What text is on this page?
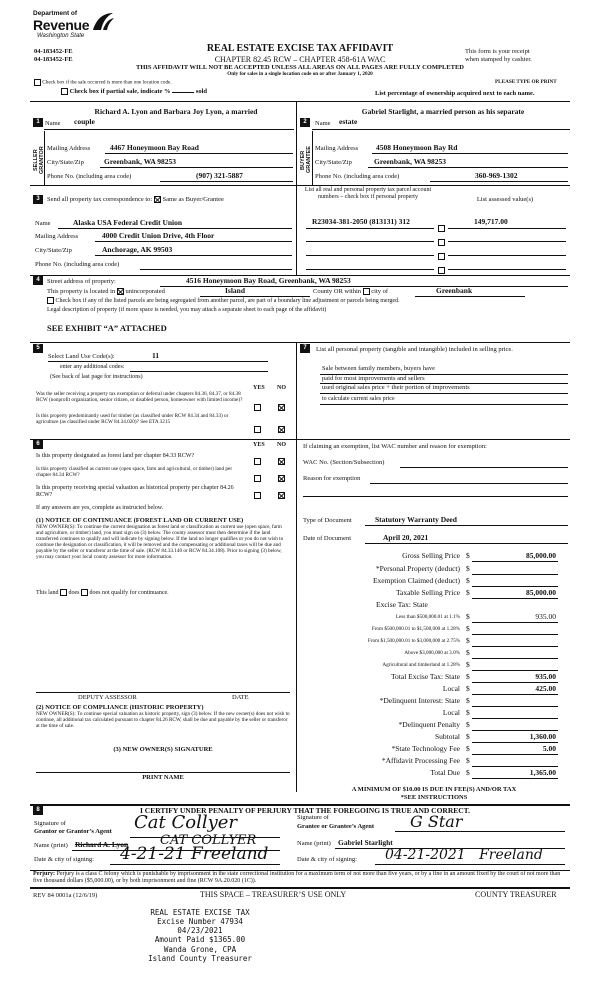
Department of
Revenue
Washington State
04-183452-FE
04-183452-FE
REAL ESTATE EXCISE TAX AFFIDAVIT
CHAPTER 82.45 RCW – CHAPTER 458-61A WAC
THIS AFFIDAVIT WILL NOT BE ACCEPTED UNLESS ALL AREAS ON ALL PAGES ARE FULLY COMPLETED
Only for sales in a single location code on or after January 1, 2020
This form is your receipt
when stamped by cashier.
Check box if the sale occurred is more than one location code.	PLEASE TYPE OR PRINT
Check box if partial sale, indicate %	sold	List percentage of ownership acquired next to each name.
Richard A. Lyon and Barbara Joy Lyon, a married
1 Name couple
SELLER GRANTOR Mailing Address	4467 Honeymoon Bay Road
City/State/Zip	Greenbank, WA 98253
Phone No. (including area code)	(907) 321-5887
Gabriel Starlight, a married person as his separate
2	Name estate
BUYER GRANTEE Mailing Address 4508 Honeymoon Bay Rd
City/State/Zip	Greenbank, WA 98253
Phone No. (including area code)	360-969-1302
3	Send all property tax correspondence to: Same as Buyer/Grantee
List all real and personal property tax parcel account numbers – check box if personal property	List assessed value(s)
Name	Alaska USA Federal Credit Union
Mailing Address	4000 Credit Union Drive, 4th Floor
City/State/Zip	Anchorage, AK 99503
Phone No. (including area code)
R23034-381-2050 (813131) 312	149,717.00
4	Street address of property:	4516 Honeymoon Bay Road, Greenbank, WA 98253
This property is located in unincorporated	Island	County OR within city of	Greenbank
Check box if any of the listed parcels are being segregated from another parcel, are part of a boundary line adjustment or parcels being merged.
Legal description of property (if more space is needed, you may attach a separate sheet to each page of the affidavit)
SEE EXHIBIT “A” ATTACHED
5
Select Land Use Code(s):	11
enter any additional codes:
(See back of last page for instructions)
YES NO
Was the seller receiving a property tax exemption or deferral under chapters 84.36, 84.37, or 84.38 RCW (nonprofit organization, senior citizen, or disabled person, homeowner with limited income)?
Is this property predominantly used for timber (as classified under RCW 84.34 and 84.33) or agriculture (as classified under RCW 84.34.020)? See ETA 3215
6	YES NO
Is this property designated as forest land per chapter 84.33 RCW?
Is this property classified as current use (open space, farm and agricultural, or timber) land per chapter 84.34 RCW?
Is this property receiving special valuation as historical property per chapter 84.26 RCW?
If any answers are yes, complete as instructed below.
(1) NOTICE OF CONTINUANCE (FOREST LAND OR CURRENT USE)
NEW OWNER(S): To continue the current designation as forest land or classification as current use (open space, farm and agriculture, or timber) land, you must sign on (3) below. The county assessor must then determine if the land transferred continues to qualify and will indicate by signing below. If the land no longer qualifies or you do not wish to continue the designation or classification, it will be removed and the compensating or additional taxes will be due and payable by the seller or transferor at the time of sale. (RCW 84.33.140 or RCW 84.34.108). Prior to signing (3) below, you may contact your local county assessor for more information.
This land does does not qualify for continuance.
DEPUTY ASSESSOR	DATE
(2) NOTICE OF COMPLIANCE (HISTORIC PROPERTY)
NEW OWNER(S): To continue special valuation as historic property, sign (3) below. If the new owner(s) does not wish to continue, all additional tax calculated pursuant to chapter 84.26 RCW, shall be due and payable by the seller or transferor at the time of sale.
(3) NEW OWNER(S) SIGNATURE
PRINT NAME
7	List all personal property (tangible and intangible) included in selling price.
Sale between family members, buyers have
paid for most improvements and sellers
used original sales price + their portion of improvements
to calculate current sales price
If claiming an exemption, list WAC number and reason for exemption:
WAC No. (Section/Subsection)
Reason for exemption
Type of Document	Statutory Warranty Deed
Date of Document	April 20, 2021
Gross Selling Price $	85,000.00
*Personal Property (deduct) $
Exemption Claimed (deduct) $
Taxable Selling Price $	85,000.00
Excise Tax: State
Less than $500,000.01 at 1.1% $	935.00
From $500,000.01 to $1,500,000 at 1.28% $
From $1,500,000.01 to $3,000,000 at 2.75% $
Above $3,000,000 at 3.0% $
Agricultural and timberland at 1.28% $
Total Excise Tax: State $	935.00
Local $	425.00
*Delinquent Interest: State $
Local $
*Delinquent Penalty $
Subtotal $	1,360.00
*State Technology Fee $	5.00
*Affidavit Processing Fee $
Total Due $	1,365.00
A MINIMUM OF $10.00 IS DUE IN FEE(S) AND/OR TAX
*SEE INSTRUCTIONS
8	I CERTIFY UNDER PENALTY OF PERJURY THAT THE FOREGOING IS TRUE AND CORRECT.
Signature of
Grantor or Grantor’s Agent Cat Collyer
Name (print) Richard A. Lyon CAT COLLYER
Date & city of signing: 4-21-21 Freeland
Signature of
Grantee or Grantee’s Agent G Star
Name (print) Gabriel Starlight
Date & city of signing: 04-21-2021   Freeland
Perjury: Perjury is a class C felony which is punishable by imprisonment in the state correctional institution for a maximum term of not more than five years, or by a fine in an amount fixed by the court of not more than five thousand dollars ($5,000.00), or by both imprisonment and fine (RCW 9A.20.020 (1C)).
REV 84 0001a (12/6/19)	THIS SPACE – TREASURER’S USE ONLY	COUNTY TREASURER
REAL ESTATE EXCISE TAX
Excise Number 47934
04/23/2021
Amount Paid $1365.00
Wanda Grone, CPA
Island County Treasurer
